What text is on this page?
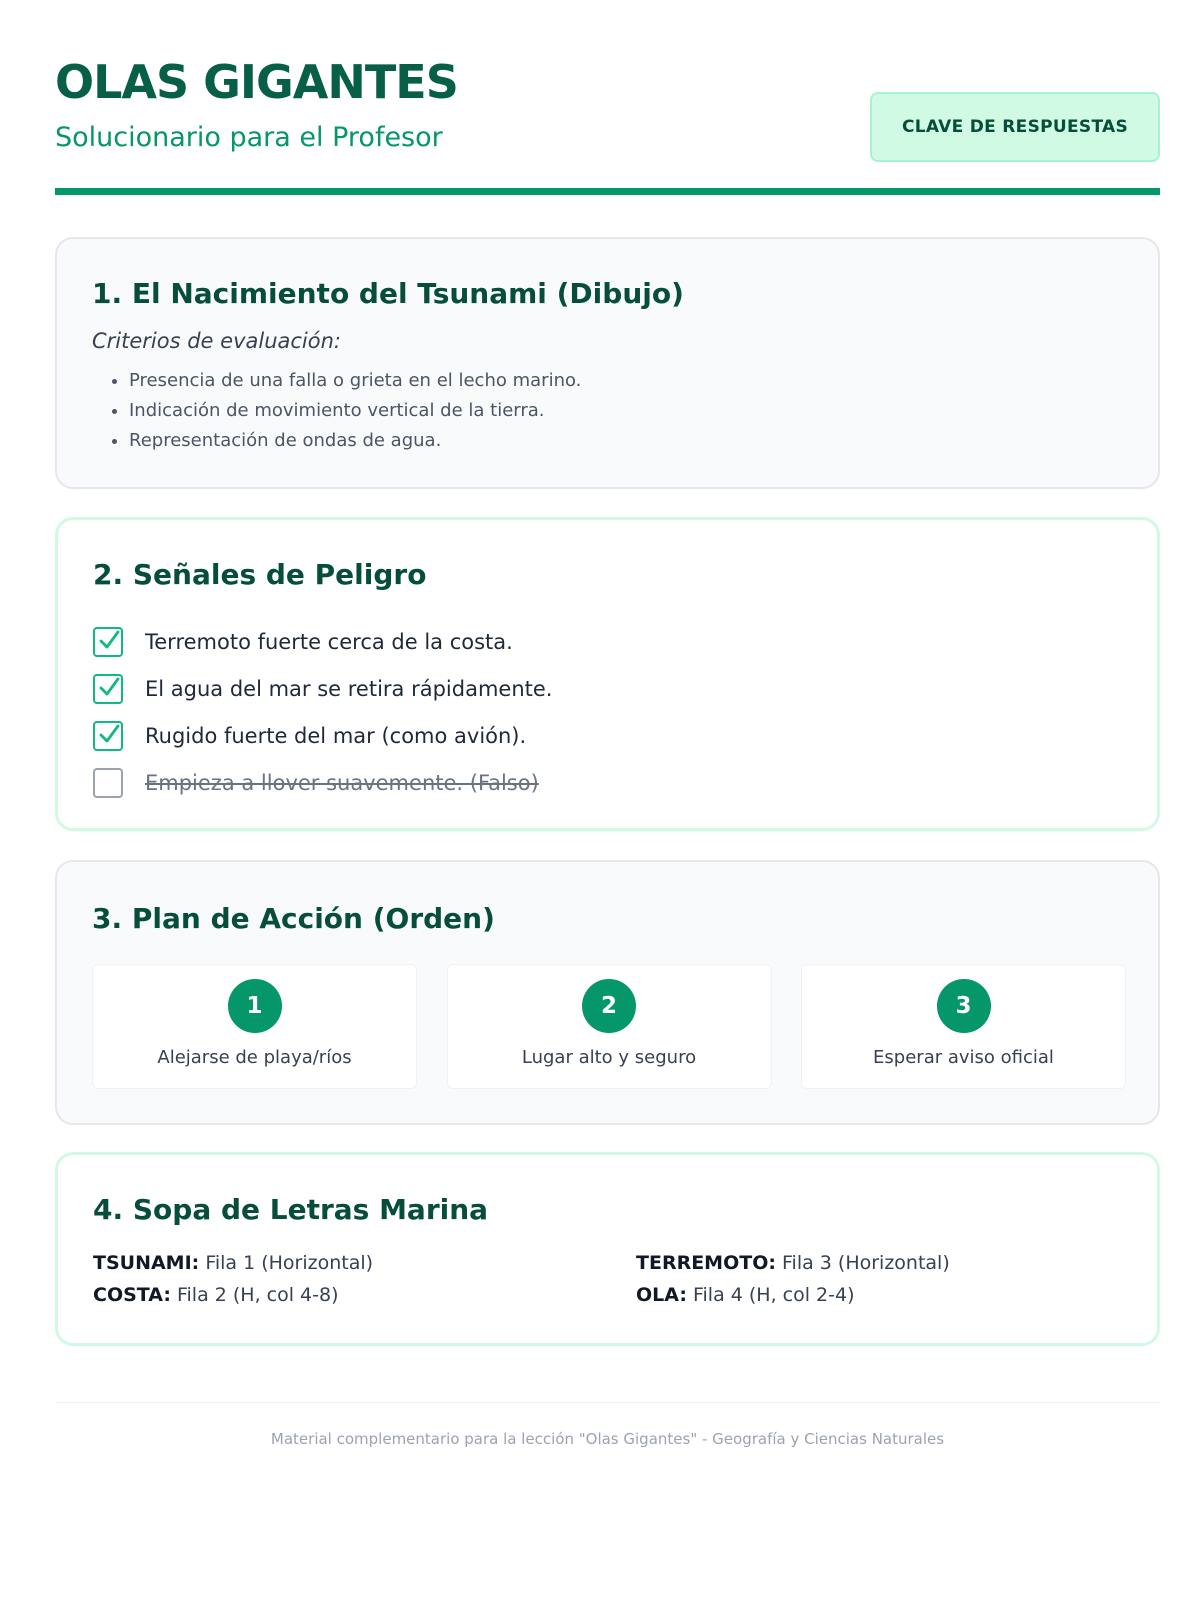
OLAS GIGANTES
Solucionario para el Profesor	CLAVE DE RESPUESTAS
1. El Nacimiento del Tsunami (Dibujo)
Criterios de evaluación:
• Presencia de una falla o grieta en el lecho marino.
• Indicación de movimiento vertical de la tierra.
• Representación de ondas de agua.
2. Señales de Peligro
Terremoto fuerte cerca de la costa.
El agua del mar se retira rápidamente.
Rugido fuerte del mar (como avión).
Empieza a llover suavemente. (Falso)
3. Plan de Acción (Orden)
1
Alejarse de playa/ríos
2
Lugar alto y seguro
3
Esperar aviso oficial
4. Sopa de Letras Marina
TSUNAMI: Fila 1 (Horizontal)	TERREMOTO: Fila 3 (Horizontal)
COSTA: Fila 2 (H, col 4-8)	OLA: Fila 4 (H, col 2-4)
Material complementario para la lección "Olas Gigantes" - Geografía y Ciencias Naturales
